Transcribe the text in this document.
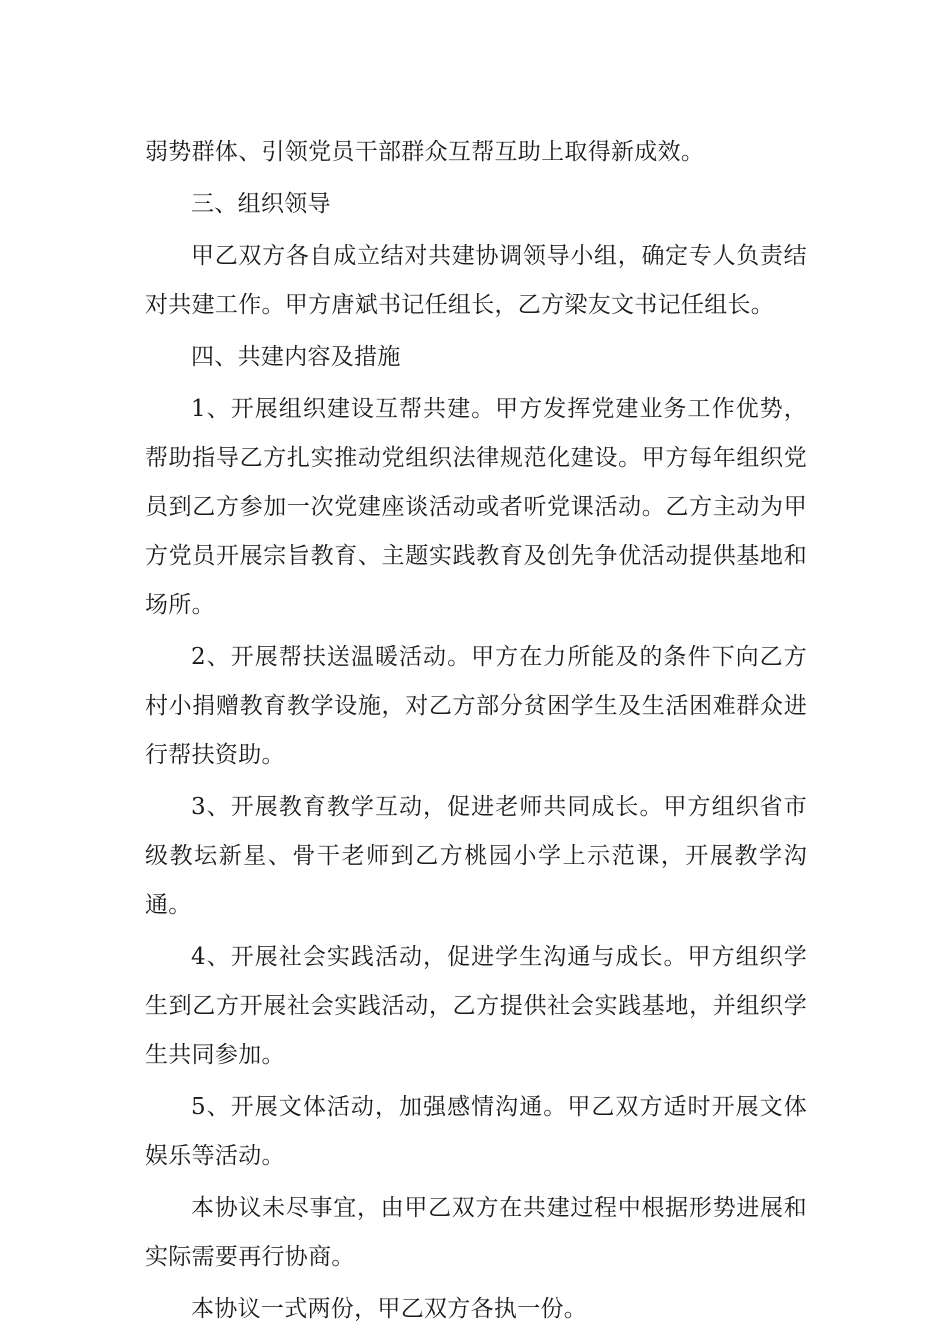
弱势群体、引领党员干部群众互帮互助上取得新成效。

三、组织领导

甲乙双方各自成立结对共建协调领导小组，确定专人负责结对共建工作。甲方唐斌书记任组长，乙方梁友文书记任组长。

四、共建内容及措施

1、开展组织建设互帮共建。甲方发挥党建业务工作优势，帮助指导乙方扎实推动党组织法律规范化建设。甲方每年组织党员到乙方参加一次党建座谈活动或者听党课活动。乙方主动为甲方党员开展宗旨教育、主题实践教育及创先争优活动提供基地和场所。

2、开展帮扶送温暖活动。甲方在力所能及的条件下向乙方村小捐赠教育教学设施，对乙方部分贫困学生及生活困难群众进行帮扶资助。

3、开展教育教学互动，促进老师共同成长。甲方组织省市级教坛新星、骨干老师到乙方桃园小学上示范课，开展教学沟通。

4、开展社会实践活动，促进学生沟通与成长。甲方组织学生到乙方开展社会实践活动，乙方提供社会实践基地，并组织学生共同参加。

5、开展文体活动，加强感情沟通。甲乙双方适时开展文体娱乐等活动。

本协议未尽事宜，由甲乙双方在共建过程中根据形势进展和实际需要再行协商。

本协议一式两份，甲乙双方各执一份。
